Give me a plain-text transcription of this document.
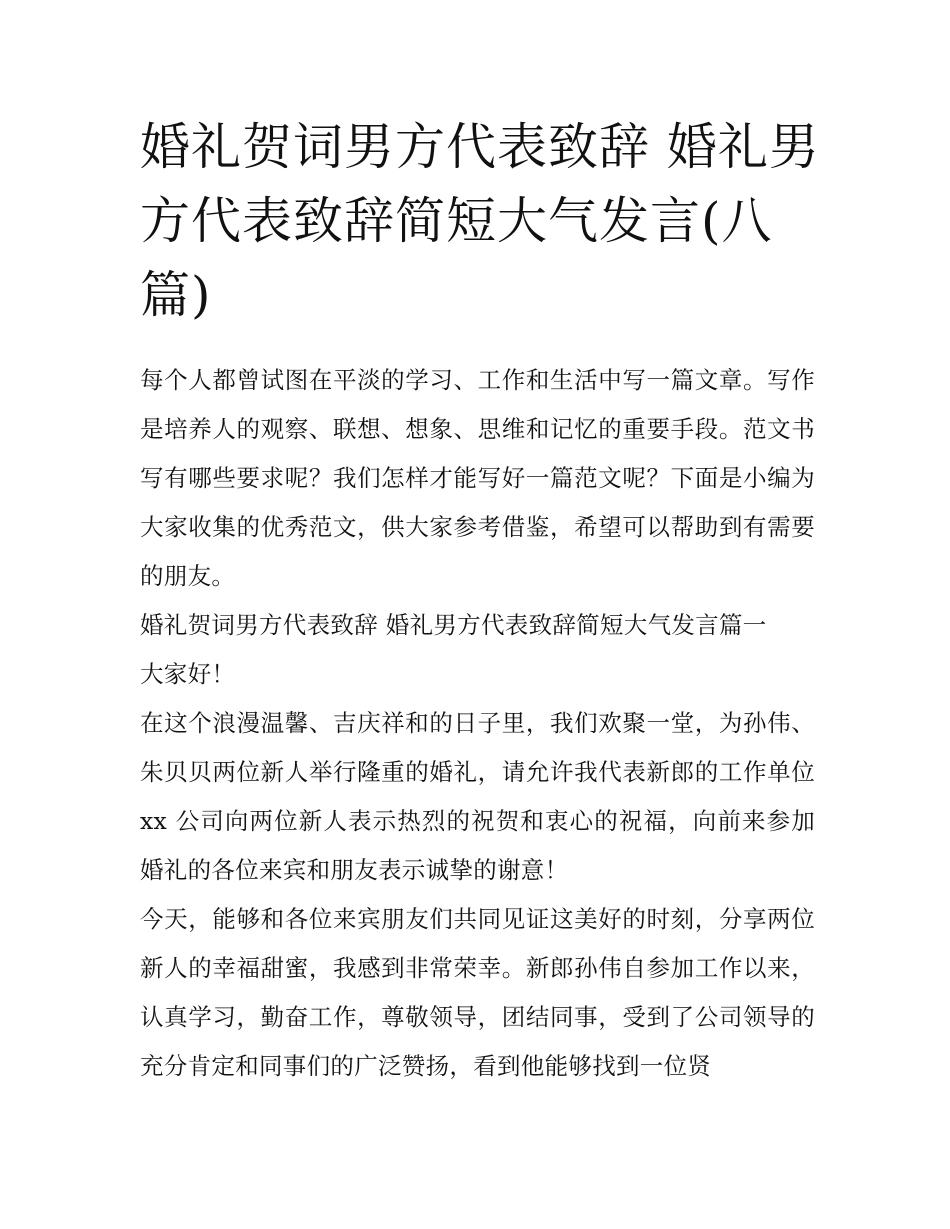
婚礼贺词男方代表致辞 婚礼男方代表致辞简短大气发言(八篇)

每个人都曾试图在平淡的学习、工作和生活中写一篇文章。写作是培养人的观察、联想、想象、思维和记忆的重要手段。范文书写有哪些要求呢？我们怎样才能写好一篇范文呢？下面是小编为大家收集的优秀范文，供大家参考借鉴，希望可以帮助到有需要的朋友。

婚礼贺词男方代表致辞 婚礼男方代表致辞简短大气发言篇一

大家好！

在这个浪漫温馨、吉庆祥和的日子里，我们欢聚一堂，为孙伟、朱贝贝两位新人举行隆重的婚礼，请允许我代表新郎的工作单位 xx 公司向两位新人表示热烈的祝贺和衷心的祝福，向前来参加婚礼的各位来宾和朋友表示诚挚的谢意！

今天，能够和各位来宾朋友们共同见证这美好的时刻，分享两位新人的幸福甜蜜，我感到非常荣幸。新郎孙伟自参加工作以来，认真学习，勤奋工作，尊敬领导，团结同事，受到了公司领导的充分肯定和同事们的广泛赞扬，看到他能够找到一位贤
